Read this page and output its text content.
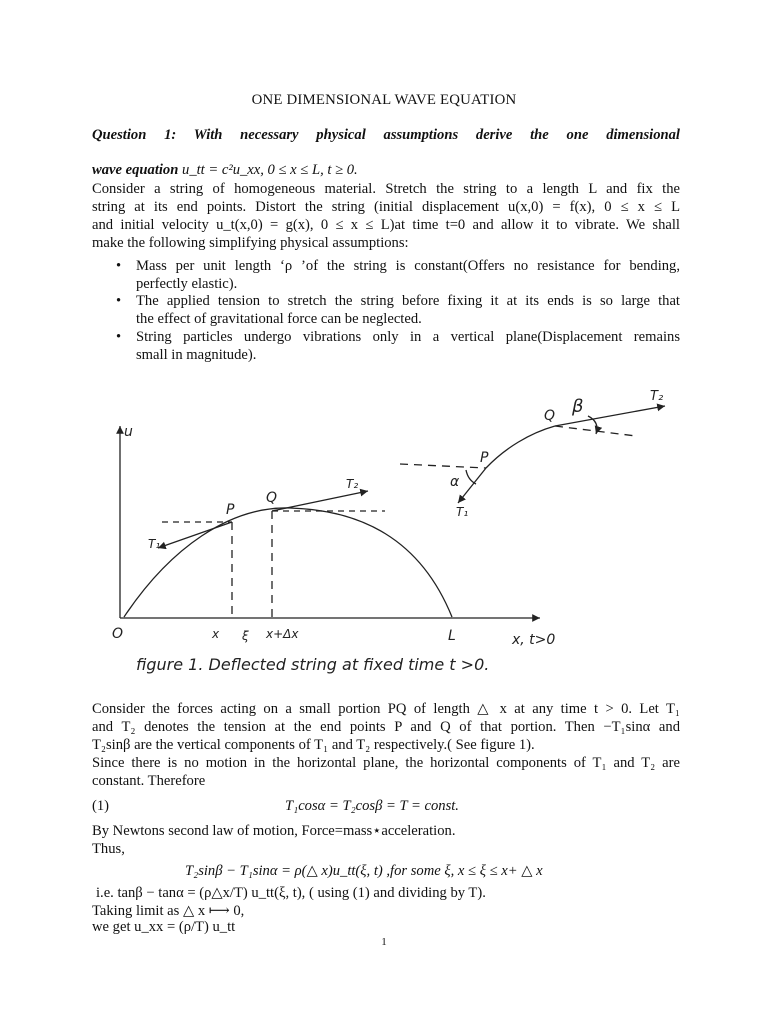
ONE DIMENSIONAL WAVE EQUATION
Question 1: With necessary physical assumptions derive the one dimensional
wave equation u_tt = c²u_xx, 0 ≤ x ≤ L, t ≥ 0.
Consider a string of homogeneous material. Stretch the string to a length L and fix the
string at its end points. Distort the string (initial displacement u(x,0) = f(x), 0 ≤ x ≤ L
and initial velocity u_t(x,0) = g(x), 0 ≤ x ≤ L)at time t=0 and allow it to vibrate. We shall
make the following simplifying physical assumptions:
• Mass per unit length ‘ρ ’of the string is constant(Offers no resistance for bending,
perfectly elastic).
• The applied tension to stretch the string before fixing it at its ends is so large that
the effect of gravitational force can be neglected.
• String particles undergo vibrations only in a vertical plane(Displacement remains
small in magnitude).
u
O	x ξ x+Δx	L	x, t>0
P
Q
T₁
T₂
P
Q
α
β
T₁
T₂
figure 1. Deflected string at fixed time t >0.
Consider the forces acting on a small portion PQ of length △ x at any time t > 0. Let T₁
and T₂ denotes the tension at the end points P and Q of that portion. Then −T₁sinα and
T₂sinβ are the vertical components of T₁ and T₂ respectively.( See figure 1).
Since there is no motion in the horizontal plane, the horizontal components of T₁ and T₂ are
constant. Therefore
(1)	T₁cosα = T₂cosβ = T = const.
By Newtons second law of motion, Force=mass⋆acceleration.
Thus,
T₂sinβ − T₁sinα = ρ(△ x)u_tt(ξ, t) ,for some ξ, x ≤ ξ ≤ x+ △ x
i.e. tanβ − tanα = (ρ△x/T) u_tt(ξ, t), ( using (1) and dividing by T).
Taking limit as △ x ⟼ 0,
we get u_xx = (ρ/T) u_tt
1
